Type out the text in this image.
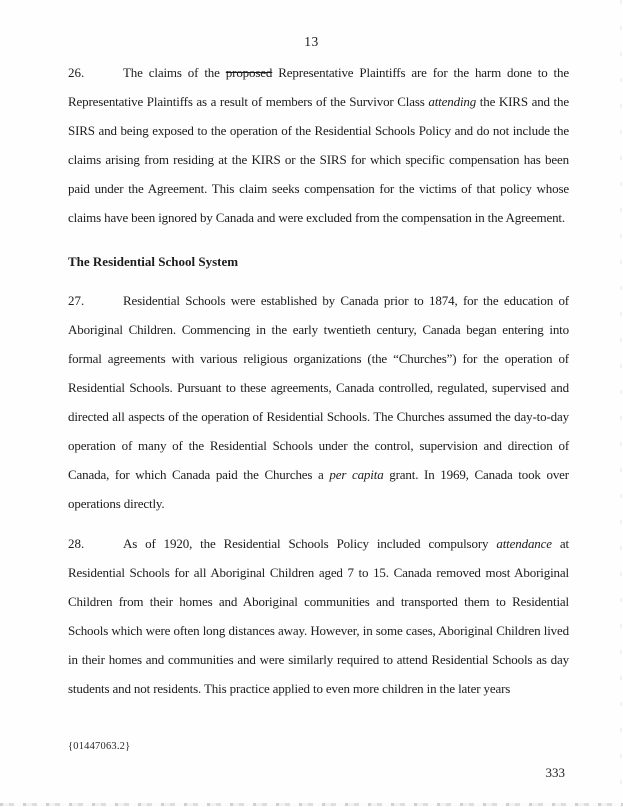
13

26.	The claims of the proposed Representative Plaintiffs are for the harm done to the Representative Plaintiffs as a result of members of the Survivor Class attending the KIRS and the SIRS and being exposed to the operation of the Residential Schools Policy and do not include the claims arising from residing at the KIRS or the SIRS for which specific compensation has been paid under the Agreement. This claim seeks compensation for the victims of that policy whose claims have been ignored by Canada and were excluded from the compensation in the Agreement.

The Residential School System

27.	Residential Schools were established by Canada prior to 1874, for the education of Aboriginal Children. Commencing in the early twentieth century, Canada began entering into formal agreements with various religious organizations (the “Churches”) for the operation of Residential Schools. Pursuant to these agreements, Canada controlled, regulated, supervised and directed all aspects of the operation of Residential Schools. The Churches assumed the day-to-day operation of many of the Residential Schools under the control, supervision and direction of Canada, for which Canada paid the Churches a per capita grant. In 1969, Canada took over operations directly.

28.	As of 1920, the Residential Schools Policy included compulsory attendance at Residential Schools for all Aboriginal Children aged 7 to 15. Canada removed most Aboriginal Children from their homes and Aboriginal communities and transported them to Residential Schools which were often long distances away. However, in some cases, Aboriginal Children lived in their homes and communities and were similarly required to attend Residential Schools as day students and not residents. This practice applied to even more children in the later years

{01447063.2}
333
